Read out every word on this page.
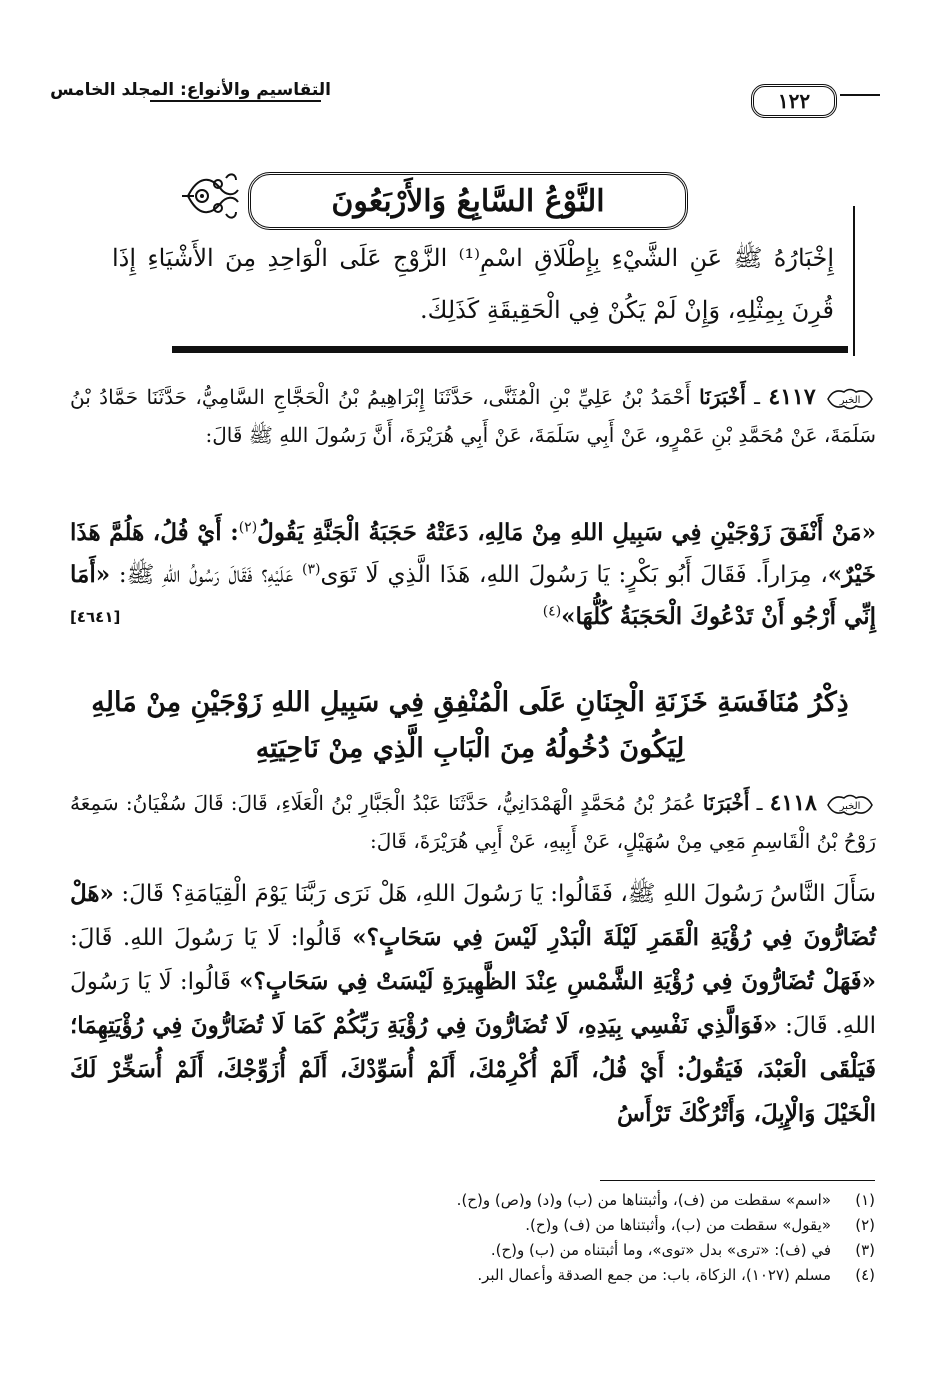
التقاسيم والأنواع: المجلد الخامس	١٢٢
النَّوْعُ السَّابِعُ وَالأَرْبَعُونَ
إِخْبَارُهُ ﷺ عَنِ الشَّيْءِ بِإِطْلَاقِ اسْمِ⁽¹⁾ الزَّوْجِ عَلَى الْوَاحِدِ مِنَ الأَشْيَاءِ إِذَا قُرِنَ بِمِثْلِهِ، وَإِنْ لَمْ يَكُنْ فِي الْحَقِيقَةِ كَذَلِكَ.
الخبر
٤١١٧ ـ أَخْبَرَنَا أَحْمَدُ بْنُ عَلِيِّ بْنِ الْمُثَنَّى، حَدَّثَنَا إِبْرَاهِيمُ بْنُ الْحَجَّاجِ السَّامِيُّ، حَدَّثَنَا حَمَّادُ بْنُ سَلَمَةَ، عَنْ مُحَمَّدِ بْنِ عَمْرٍو، عَنْ أَبِي سَلَمَةَ، عَنْ أَبِي هُرَيْرَةَ، أَنَّ رَسُولَ اللهِ ﷺ قَالَ:
«مَنْ أَنْفَقَ زَوْجَيْنِ فِي سَبِيلِ اللهِ مِنْ مَالِهِ، دَعَتْهُ حَجَبَةُ الْجَنَّةِ يَقُولُ$^{(٢)}$: أَيْ فُلُ، هَلُمَّ هَذَا خَيْرٌ»، مِرَاراً. فَقَالَ أَبُو بَكْرٍ: يَا رَسُولَ اللهِ، هَذَا الَّذِي لَا تَوَى$^{(٣)}$ عَلَيْهِ؟ فَقَالَ رَسُولُ اللهِ ﷺ: «أَمَا إِنِّي أَرْجُو أَنْ تَدْعُوكَ الْحَجَبَةُ كُلُّهَا»$^{(٤)}$
[٤٦٤١]
ذِكْرُ مُنَافَسَةِ خَزَنَةِ الْجِنَانِ عَلَى الْمُنْفِقِ فِي سَبِيلِ اللهِ زَوْجَيْنِ مِنْ مَالِهِ لِيَكُونَ دُخُولُهُ مِنَ الْبَابِ الَّذِي مِنْ نَاحِيَتِهِ
الخبر
٤١١٨ ـ أَخْبَرَنَا عُمَرُ بْنُ مُحَمَّدٍ الْهَمْدَانِيُّ، حَدَّثَنَا عَبْدُ الْجَبَّارِ بْنُ الْعَلَاءِ، قَالَ: قَالَ سُفْيَانُ: سَمِعَهُ رَوْحُ بْنُ الْقَاسِمِ مَعِي مِنْ سُهَيْلٍ، عَنْ أَبِيهِ، عَنْ أَبِي هُرَيْرَةَ، قَالَ:
سَأَلَ النَّاسُ رَسُولَ اللهِ ﷺ، فَقَالُوا: يَا رَسُولَ اللهِ، هَلْ نَرَى رَبَّنَا يَوْمَ الْقِيَامَةِ؟ قَالَ: «هَلْ تُضَارُّونَ فِي رُؤْيَةِ الْقَمَرِ لَيْلَةَ الْبَدْرِ لَيْسَ فِي سَحَابٍ؟» قَالُوا: لَا يَا رَسُولَ اللهِ. قَالَ: «فَهَلْ تُضَارُّونَ فِي رُؤْيَةِ الشَّمْسِ عِنْدَ الظَّهِيرَةِ لَيْسَتْ فِي سَحَابٍ؟» قَالُوا: لَا يَا رَسُولَ اللهِ. قَالَ: «فَوَالَّذِي نَفْسِي بِيَدِهِ، لَا تُضَارُّونَ فِي رُؤْيَةِ رَبِّكُمْ كَمَا لَا تُضَارُّونَ فِي رُؤْيَتِهِمَا؛ فَيَلْقَى الْعَبْدَ، فَيَقُولُ: أَيْ فُلُ، أَلَمْ أُكْرِمْكَ، أَلَمْ أُسَوِّدْكَ، أَلَمْ أُزَوِّجْكَ، أَلَمْ أُسَخِّرْ لَكَ الْخَيْلَ وَالْإِبِلَ، وَأَتْرُكْكَ تَرْأَسُ
(١)«اسم» سقطت من (ف)، وأثبتناها من (ب) و(د) و(ص) و(ح).
(٢)«يقول» سقطت من (ب)، وأثبتناها من (ف) و(ح).
(٣)في (ف): «ترى» بدل «توى»، وما أثبتناه من (ب) و(ح).
(٤)مسلم (١٠٢٧)، الزكاة، باب: من جمع الصدقة وأعمال البر.
